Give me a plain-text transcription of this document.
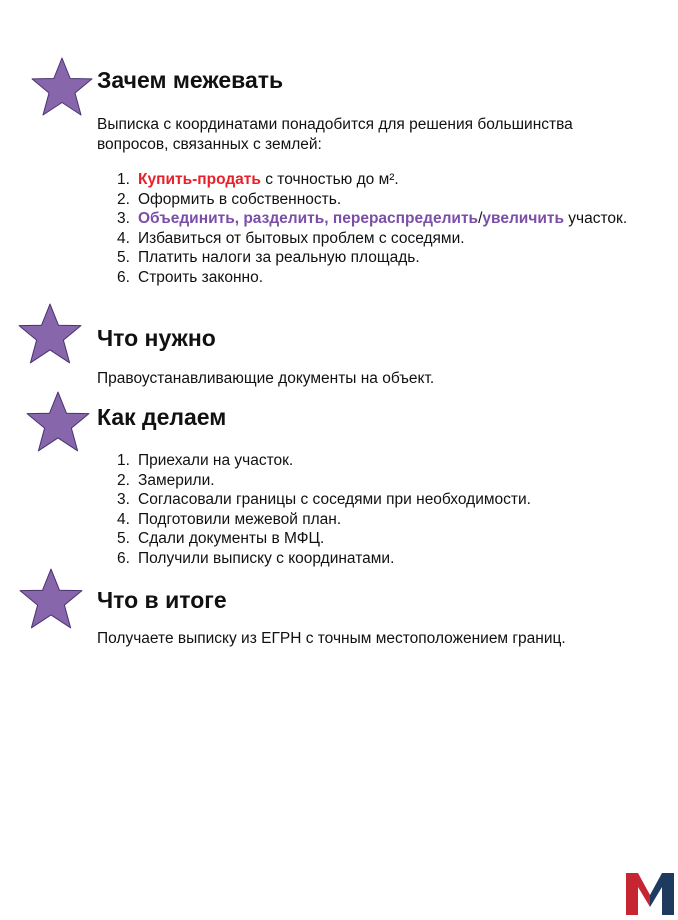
Зачем межевать

Выписка с координатами понадобится для решения большинства вопросов, связанных с землей:

1. Купить-продать с точностью до м².
2. Оформить в собственность.
3. Объединить, разделить, перераспределить/увеличить участок.
4. Избавиться от бытовых проблем с соседями.
5. Платить налоги за реальную площадь.
6. Строить законно.
Что нужно

Правоустанавливающие документы на объект.

Как делаем
1. Приехали на участок.
2. Замерили.
3. Согласовали границы с соседями при необходимости.
4. Подготовили межевой план.
5. Сдали документы в МФЦ.
6. Получили выписку с координатами.
Что в итоге

Получаете выписку из ЕГРН с точным местоположением границ.
